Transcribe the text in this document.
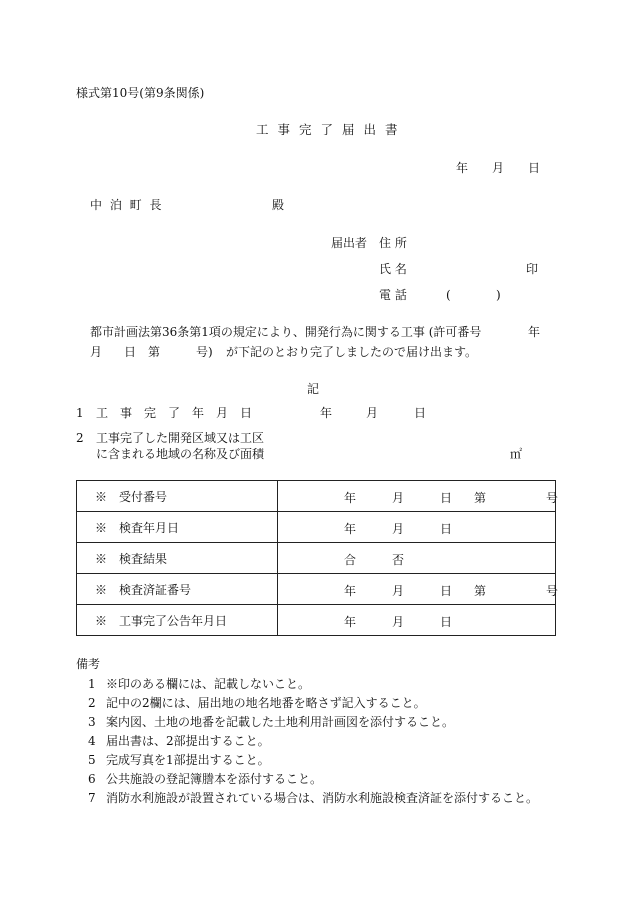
様式第10号(第9条関係)
工事完了届出書
年 月 日
中 泊 町 長	殿
届出者 住 所
氏 名	印
電 話	(	)
都市計画法第36条第1項の規定により、開発行為に関する工事 (許可番号	年
月 日 第	号) が下記のとおり完了しましたので届け出ます。
記
1 工　事　完　了　年　月　日	年	月	日
2 工事完了した開発区域又は工区
に含まれる地域の名称及び面積	㎡
※　受付番号	年 月 日 第 号

※　検査年月日	年 月 日

※　検査結果	合 否

※　検査済証番号	年 月 日 第 号

※　工事完了公告年月日	年 月 日
備考
1 ※印のある欄には、記載しないこと。
2 記中の2欄には、届出地の地名地番を略さず記入すること。
3 案内図、土地の地番を記載した土地利用計画図を添付すること。
4 届出書は、2部提出すること。
5 完成写真を1部提出すること。
6 公共施設の登記簿謄本を添付すること。
7 消防水利施設が設置されている場合は、消防水利施設検査済証を添付すること。
